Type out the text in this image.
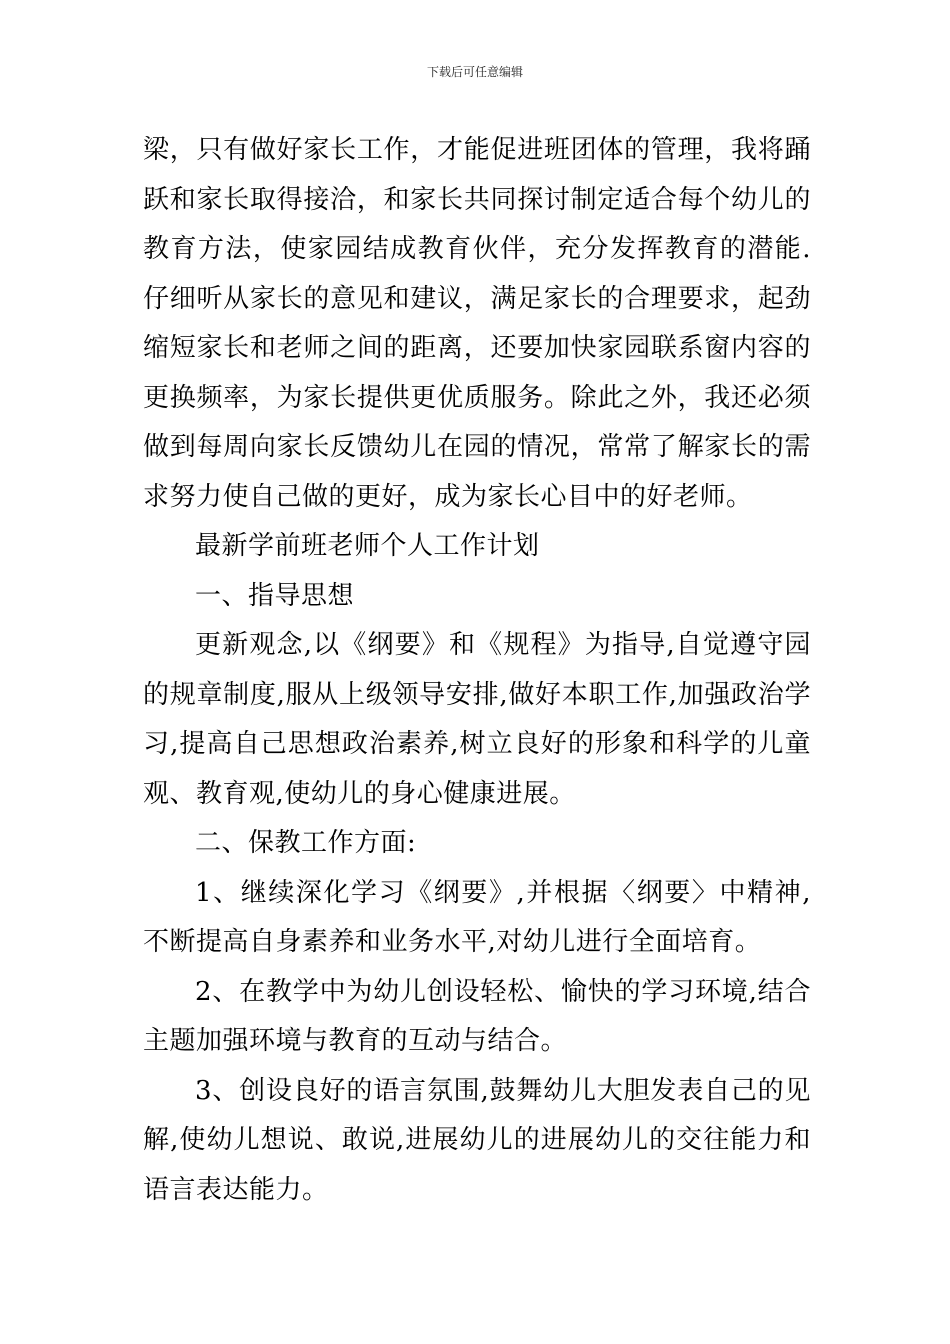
下载后可任意编辑

梁，只有做好家长工作，才能促进班团体的管理，我将踊跃和家长取得接洽，和家长共同探讨制定适合每个幼儿的教育方法，使家园结成教育伙伴，充分发挥教育的潜能.仔细听从家长的意见和建议，满足家长的合理要求，起劲缩短家长和老师之间的距离，还要加快家园联系窗内容的更换频率，为家长提供更优质服务。除此之外，我还必须做到每周向家长反馈幼儿在园的情况，常常了解家长的需求努力使自己做的更好，成为家长心目中的好老师。

最新学前班老师个人工作计划

一、指导思想

更新观念,以《纲要》和《规程》为指导,自觉遵守园的规章制度,服从上级领导安排,做好本职工作,加强政治学习,提高自己思想政治素养,树立良好的形象和科学的儿童观、教育观,使幼儿的身心健康进展。

二、保教工作方面:

1、继续深化学习《纲要》,并根据〈纲要〉中精神,不断提高自身素养和业务水平,对幼儿进行全面培育。

2、在教学中为幼儿创设轻松、愉快的学习环境,结合主题加强环境与教育的互动与结合。

3、创设良好的语言氛围,鼓舞幼儿大胆发表自己的见解,使幼儿想说、敢说,进展幼儿的进展幼儿的交往能力和语言表达能力。
